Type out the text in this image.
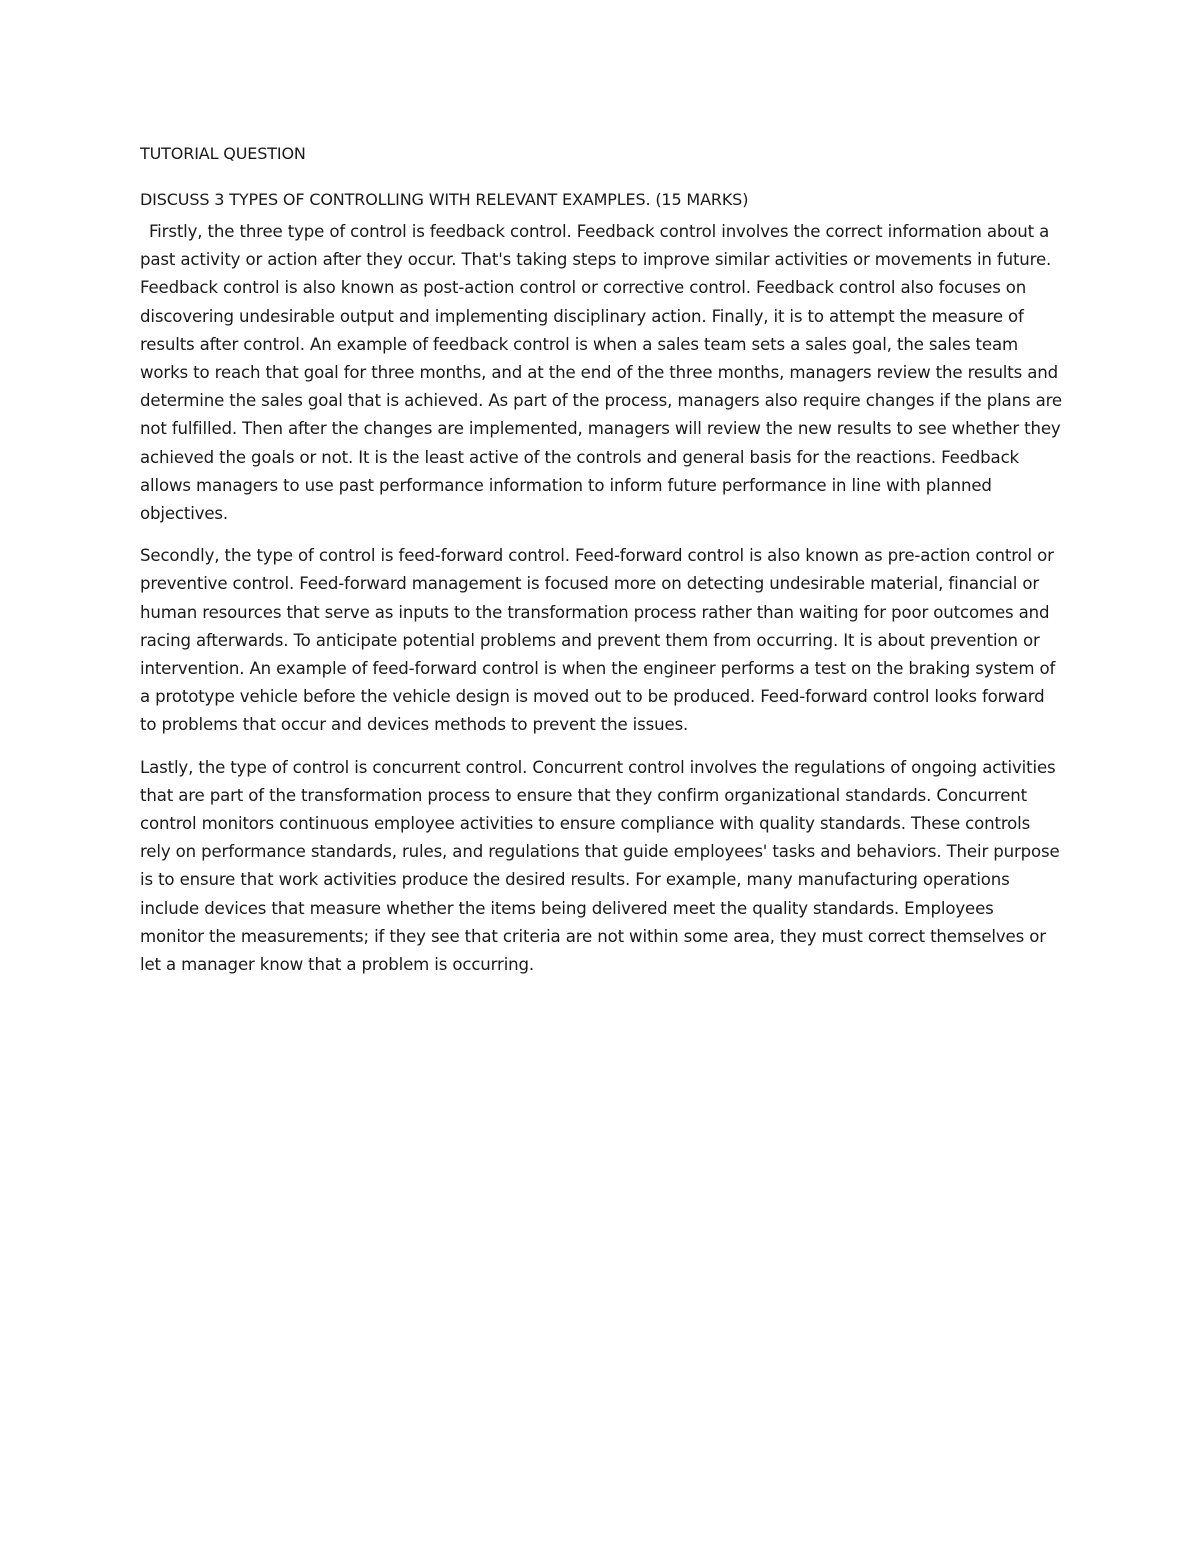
TUTORIAL QUESTION

DISCUSS 3 TYPES OF CONTROLLING WITH RELEVANT EXAMPLES. (15 MARKS)

Firstly, the three type of control is feedback control. Feedback control involves the correct information about a past activity or action after they occur. That's taking steps to improve similar activities or movements in future. Feedback control is also known as post-action control or corrective control. Feedback control also focuses on discovering undesirable output and implementing disciplinary action. Finally, it is to attempt the measure of results after control. An example of feedback control is when a sales team sets a sales goal, the sales team works to reach that goal for three months, and at the end of the three months, managers review the results and determine the sales goal that is achieved. As part of the process, managers also require changes if the plans are not fulfilled. Then after the changes are implemented, managers will review the new results to see whether they achieved the goals or not. It is the least active of the controls and general basis for the reactions. Feedback allows managers to use past performance information to inform future performance in line with planned objectives.

Secondly, the type of control is feed-forward control. Feed-forward control is also known as pre-action control or preventive control. Feed-forward management is focused more on detecting undesirable material, financial or human resources that serve as inputs to the transformation process rather than waiting for poor outcomes and racing afterwards. To anticipate potential problems and prevent them from occurring. It is about prevention or intervention. An example of feed-forward control is when the engineer performs a test on the braking system of a prototype vehicle before the vehicle design is moved out to be produced. Feed-forward control looks forward to problems that occur and devices methods to prevent the issues.

Lastly, the type of control is concurrent control. Concurrent control involves the regulations of ongoing activities that are part of the transformation process to ensure that they confirm organizational standards. Concurrent control monitors continuous employee activities to ensure compliance with quality standards. These controls rely on performance standards, rules, and regulations that guide employees' tasks and behaviors. Their purpose is to ensure that work activities produce the desired results. For example, many manufacturing operations include devices that measure whether the items being delivered meet the quality standards. Employees monitor the measurements; if they see that criteria are not within some area, they must correct themselves or let a manager know that a problem is occurring.
